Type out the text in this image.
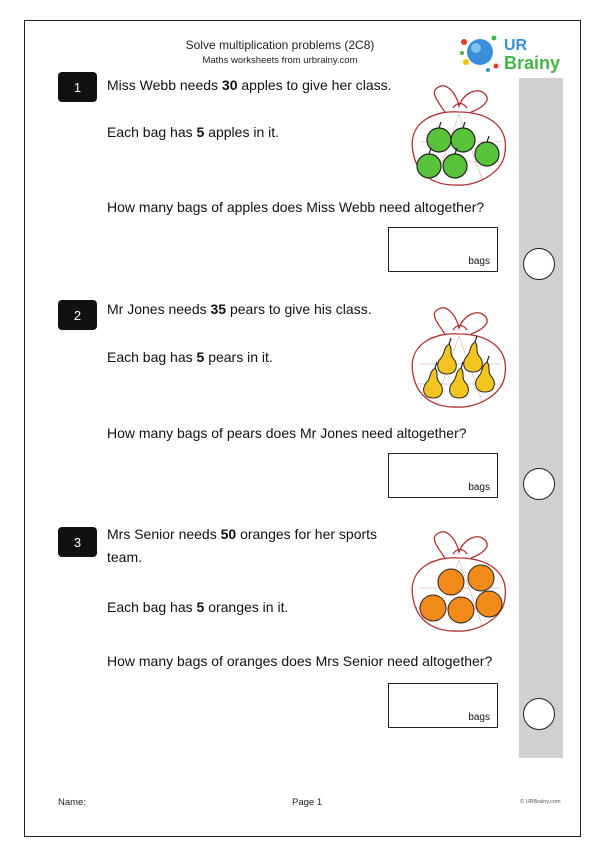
Solve multiplication problems (2C8)
Maths worksheets from urbrainy.com
UR
Brainy
1	Miss Webb needs 30 apples to give her class.
Each bag has 5 apples in it.
How many bags of apples does Miss Webb need altogether?
bags
2	Mr Jones needs 35 pears to give his class.
Each bag has 5 pears in it.
How many bags of pears does Mr Jones need altogether?
bags
3	Mrs Senior needs 50 oranges for her sports
team.
Each bag has 5 oranges in it.
How many bags of oranges does Mrs Senior need altogether?
bags
Name:	Page 1	© URBrainy.com
